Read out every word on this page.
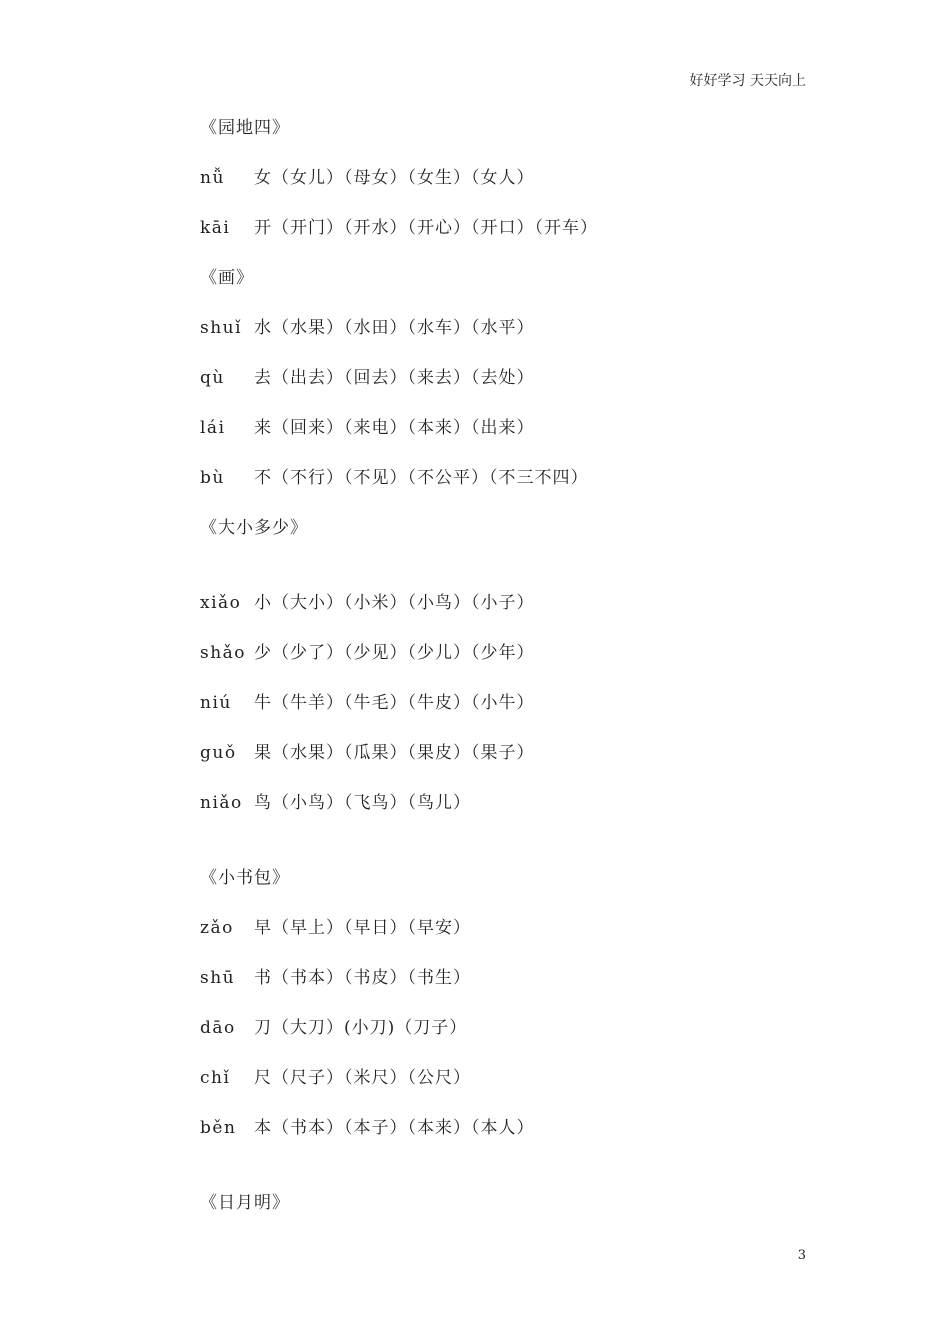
好好学习 天天向上
《园地四》
nǚ 女（女儿）（母女）（女生）（女人）
kāi 开（开门）（开水）（开心）（开口）（开车）
《画》
shuǐ 水（水果）（水田）（水车）（水平）
qù 去（出去）（回去）（来去）（去处）
lái 来（回来）（来电）（本来）（出来）
bù 不（不行）（不见）（不公平）（不三不四）
《大小多少》
xiǎo 小（大小）（小米）（小鸟）（小子）
shǎo 少（少了）（少见）（少儿）（少年）
niú 牛（牛羊）（牛毛）（牛皮）（小牛）
guǒ 果（水果）（瓜果）（果皮）（果子）
niǎo 鸟（小鸟）（飞鸟）（鸟儿）
《小书包》
zǎo 早（早上）（早日）（早安）
shū 书（书本）（书皮）（书生）
dāo 刀（大刀）(小刀)（刀子）
chǐ 尺（尺子）（米尺）（公尺）
běn 本（书本）（本子）（本来）（本人）
《日月明》
3
